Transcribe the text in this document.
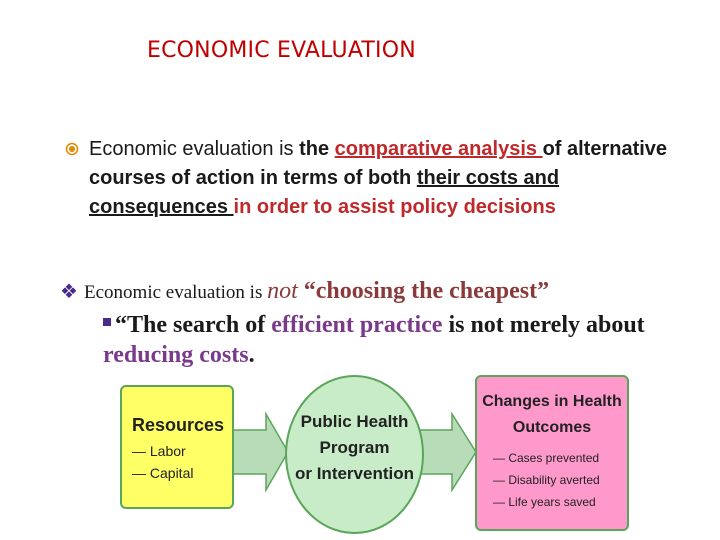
ECONOMIC EVALUATION
Economic evaluation is the comparative analysis of alternative courses of action in terms of both their costs and consequences in order to assist policy decisions
❖ Economic evaluation is not “choosing the cheapest”
“The search of efficient practice is not merely about reducing costs.
Resources
— Labor
— Capital
Public Health
Program
or Intervention
Changes in Health
Outcomes
— Cases prevented
— Disability averted
— Life years saved
